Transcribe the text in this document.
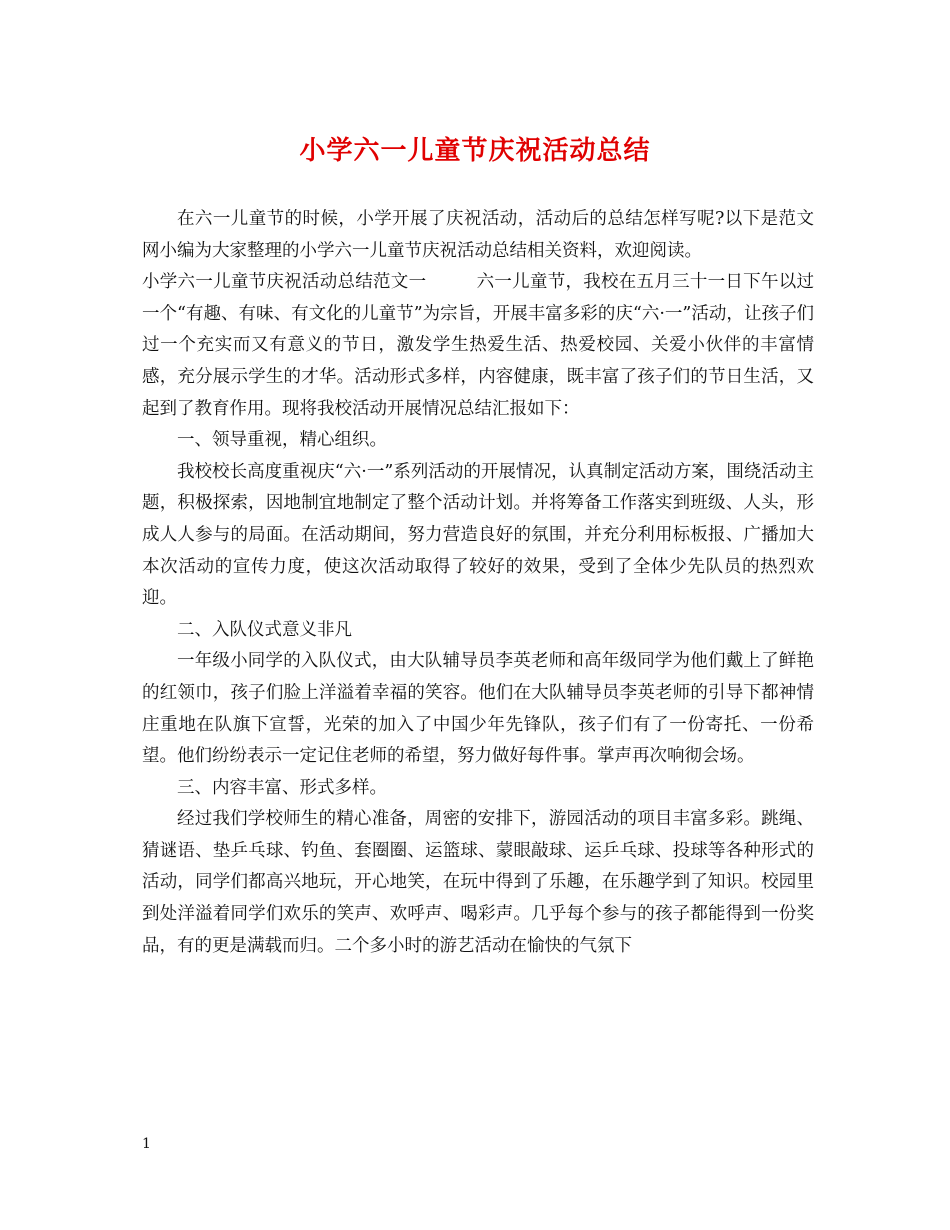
小学六一儿童节庆祝活动总结

在六一儿童节的时候，小学开展了庆祝活动，活动后的总结怎样写呢?以下是范文网小编为大家整理的小学六一儿童节庆祝活动总结相关资料，欢迎阅读。

小学六一儿童节庆祝活动总结范文一	六一儿童节，我校在五月三十一日下午以过一个“有趣、有味、有文化的儿童节”为宗旨，开展丰富多彩的庆“六·一”活动，让孩子们过一个充实而又有意义的节日，激发学生热爱生活、热爱校园、关爱小伙伴的丰富情感，充分展示学生的才华。活动形式多样，内容健康，既丰富了孩子们的节日生活，又起到了教育作用。现将我校活动开展情况总结汇报如下：

一、领导重视，精心组织。

我校校长高度重视庆“六·一”系列活动的开展情况，认真制定活动方案，围绕活动主题，积极探索，因地制宜地制定了整个活动计划。并将筹备工作落实到班级、人头，形成人人参与的局面。在活动期间，努力营造良好的氛围，并充分利用标板报、广播加大本次活动的宣传力度，使这次活动取得了较好的效果，受到了全体少先队员的热烈欢迎。

二、入队仪式意义非凡

一年级小同学的入队仪式，由大队辅导员李英老师和高年级同学为他们戴上了鲜艳的红领巾，孩子们脸上洋溢着幸福的笑容。他们在大队辅导员李英老师的引导下都神情庄重地在队旗下宣誓，光荣的加入了中国少年先锋队，孩子们有了一份寄托、一份希望。他们纷纷表示一定记住老师的希望，努力做好每件事。掌声再次响彻会场。

三、内容丰富、形式多样。

经过我们学校师生的精心准备，周密的安排下，游园活动的项目丰富多彩。跳绳、猜谜语、垫乒乓球、钓鱼、套圈圈、运篮球、蒙眼敲球、运乒乓球、投球等各种形式的活动，同学们都高兴地玩，开心地笑，在玩中得到了乐趣，在乐趣学到了知识。校园里到处洋溢着同学们欢乐的笑声、欢呼声、喝彩声。几乎每个参与的孩子都能得到一份奖品，有的更是满载而归。二个多小时的游艺活动在愉快的气氛下

1
